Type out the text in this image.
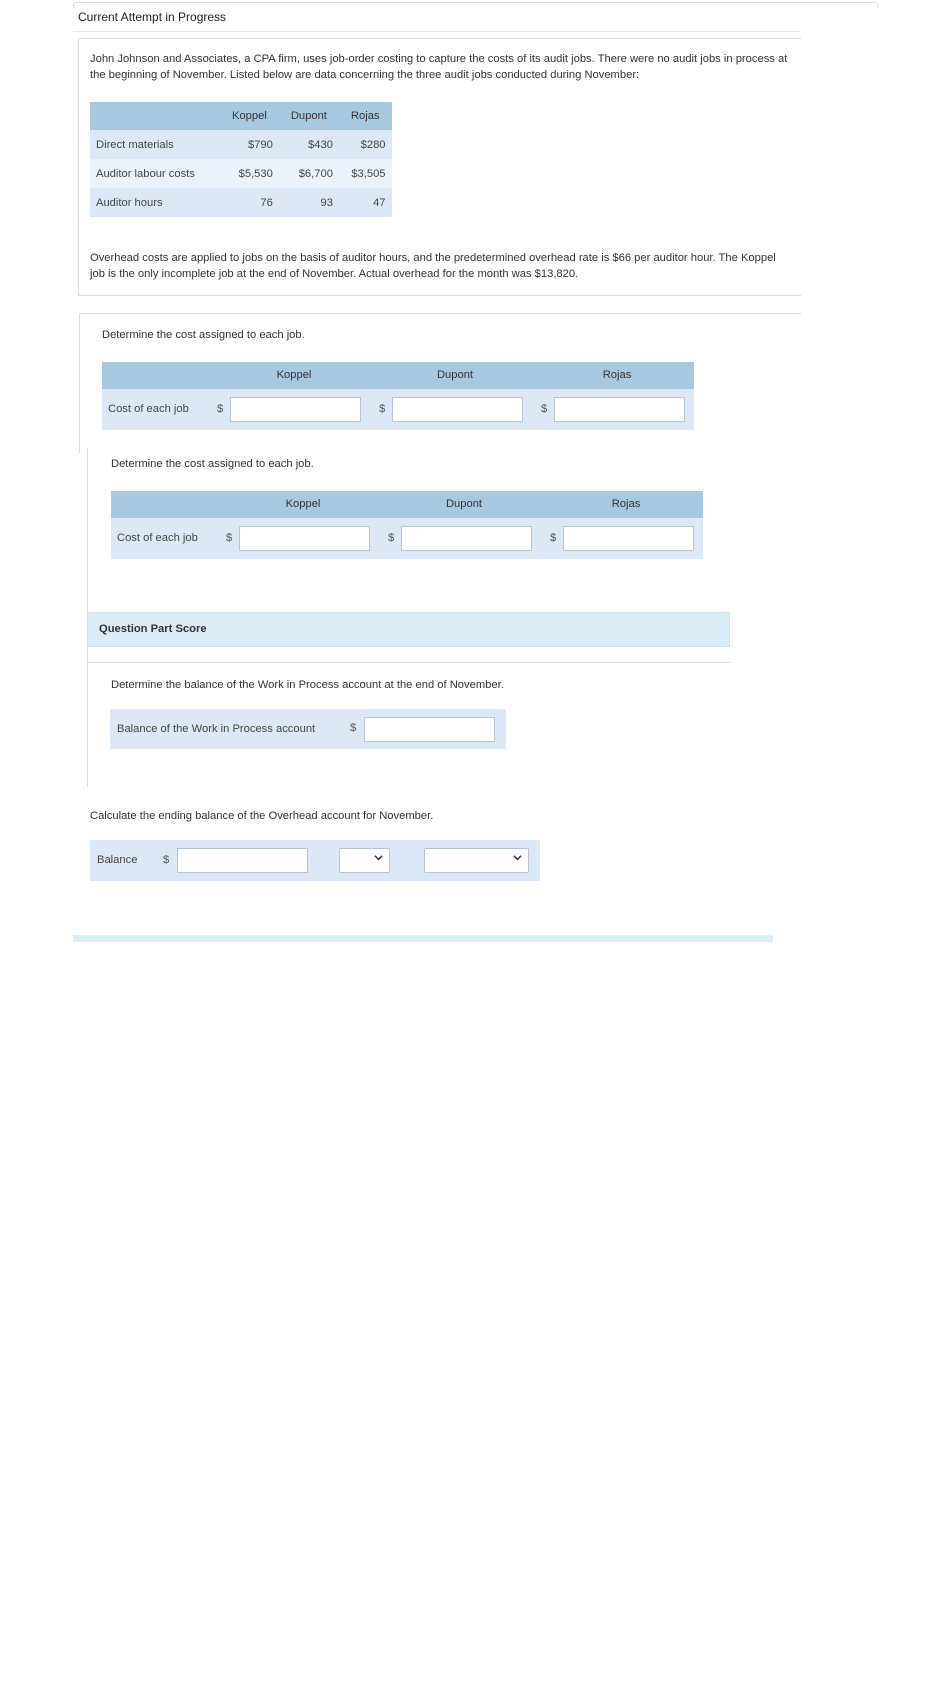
Current Attempt in Progress
John Johnson and Associates, a CPA firm, uses job-order costing to capture the costs of its audit jobs. There were no audit jobs in process at the beginning of November. Listed below are data concerning the three audit jobs conducted during November:
	Koppel	Dupont	Rojas
Direct materials	$790	$430	$280
Auditor labour costs	$5,530	$6,700	$3,505
Auditor hours	76	93	47
Overhead costs are applied to jobs on the basis of auditor hours, and the predetermined overhead rate is $66 per auditor hour. The Koppel job is the only incomplete job at the end of November. Actual overhead for the month was $13,820.
Determine the cost assigned to each job.
Koppel	Dupont	Rojas
Cost of each job	$	$	$
Determine the cost assigned to each job.
Koppel	Dupont	Rojas
Cost of each job	$	$	$
Question Part Score
Determine the balance of the Work in Process account at the end of November.
Balance of the Work in Process account	$
Calculate the ending balance of the Overhead account for November.
Balance $
